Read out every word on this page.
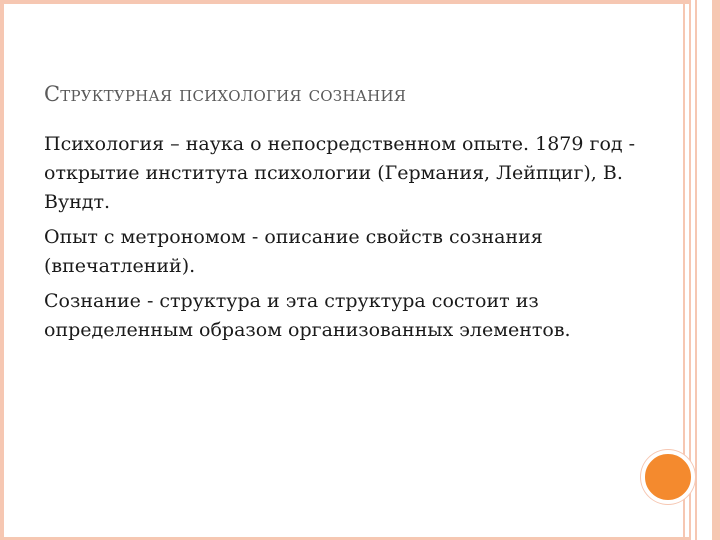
Структурная психология сознания

Психология – наука о непосредственном опыте. 1879 год - открытие института психологии (Германия, Лейпциг), В. Вундт.

Опыт с метрономом - описание свойств сознания (впечатлений).

Сознание - структура и эта структура состоит из определенным образом организованных элементов.
